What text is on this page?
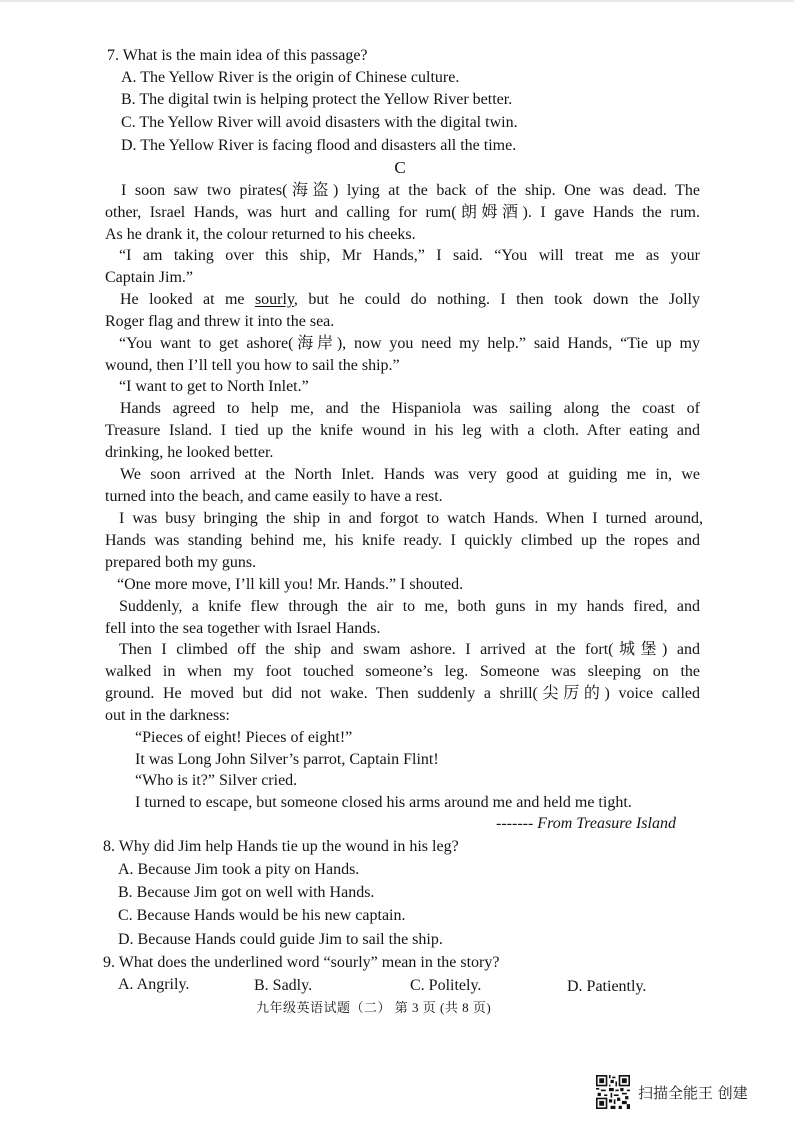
7. What is the main idea of this passage?
A. The Yellow River is the origin of Chinese culture.
B. The digital twin is helping protect the Yellow River better.
C. The Yellow River will avoid disasters with the digital twin.
D. The Yellow River is facing flood and disasters all the time.
C
I soon saw two pirates(海盗) lying at the back of the ship. One was dead. The
other, Israel Hands, was hurt and calling for rum(朗姆酒). I gave Hands the rum.
As he drank it, the colour returned to his cheeks.
“I am taking over this ship, Mr Hands,” I said. “You will treat me as your
Captain Jim.”
He looked at me sourly, but he could do nothing. I then took down the Jolly
Roger flag and threw it into the sea.
“You want to get ashore(海岸), now you need my help.” said Hands, “Tie up my
wound, then I’ll tell you how to sail the ship.”
“I want to get to North Inlet.”
Hands agreed to help me, and the Hispaniola was sailing along the coast of
Treasure Island. I tied up the knife wound in his leg with a cloth. After eating and
drinking, he looked better.
We soon arrived at the North Inlet. Hands was very good at guiding me in, we
turned into the beach, and came easily to have a rest.
I was busy bringing the ship in and forgot to watch Hands. When I turned around,
Hands was standing behind me, his knife ready. I quickly climbed up the ropes and
prepared both my guns.
“One more move, I’ll kill you! Mr. Hands.” I shouted.
Suddenly, a knife flew through the air to me, both guns in my hands fired, and
fell into the sea together with Israel Hands.
Then I climbed off the ship and swam ashore. I arrived at the fort(城堡) and
walked in when my foot touched someone’s leg. Someone was sleeping on the
ground. He moved but did not wake. Then suddenly a shrill(尖厉的) voice called
out in the darkness:
“Pieces of eight! Pieces of eight!”
It was Long John Silver’s parrot, Captain Flint!
“Who is it?” Silver cried.
I turned to escape, but someone closed his arms around me and held me tight.
------- From Treasure Island
8. Why did Jim help Hands tie up the wound in his leg?
A. Because Jim took a pity on Hands.
B. Because Jim got on well with Hands.
C. Because Hands would be his new captain.
D. Because Hands could guide Jim to sail the ship.
9. What does the underlined word “sourly” mean in the story?
A. Angrily.	B. Sadly.	C. Politely.	D. Patiently.
九年级英语试题（二） 第 3 页 (共 8 页)
扫描全能王 创建
